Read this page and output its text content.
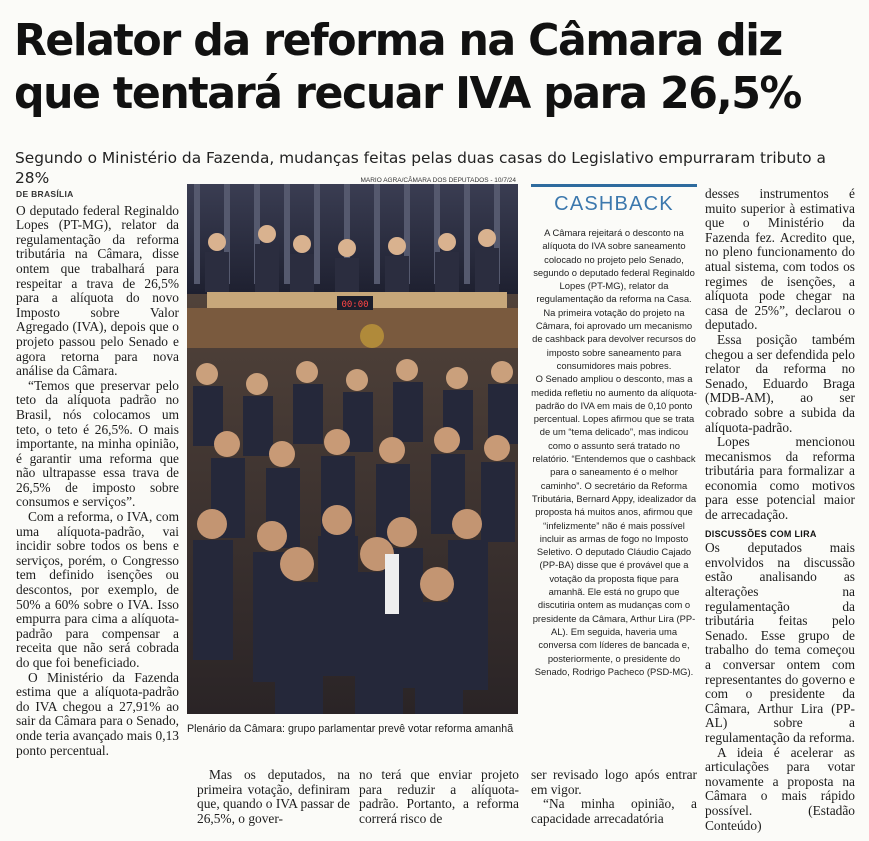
Relator da reforma na Câmara diz que tentará recuar IVA para 26,5%

Segundo o Ministério da Fazenda, mudanças feitas pelas duas casas do Legislativo empurraram tributo a 28%

DE BRASÍLIA

O deputado federal Reginaldo Lopes (PT-MG), relator da regulamentação da reforma tributária na Câmara, disse ontem que trabalhará para respeitar a trava de 26,5% para a alíquota do novo Imposto sobre Valor Agregado (IVA), depois que o projeto passou pelo Senado e agora retorna para nova análise da Câmara.

“Temos que preservar pelo teto da alíquota padrão no Brasil, nós colocamos um teto, o teto é 26,5%. O mais importante, na minha opinião, é garantir uma reforma que não ultrapasse essa trava de 26,5% de imposto sobre consumos e serviços”.

Com a reforma, o IVA, com uma alíquota-padrão, vai incidir sobre todos os bens e serviços, porém, o Congresso tem definido isenções ou descontos, por exemplo, de 50% a 60% sobre o IVA. Isso empurra para cima a alíquota-padrão para compensar a receita que não será cobrada do que foi beneficiado.

O Ministério da Fazenda estima que a alíquota-padrão do IVA chegou a 27,91% ao sair da Câmara para o Senado, onde teria avançado mais 0,13 ponto percentual.

MARIO AGRA/CÂMARA DOS DEPUTADOS - 10/7/24
00:00
Plenário da Câmara: grupo parlamentar prevê votar reforma amanhã

Mas os deputados, na primeira votação, definiram que, quando o IVA passar de 26,5%, o gover-

no terá que enviar projeto para reduzir a alíquota-padrão. Portanto, a reforma correrá risco de

CASHBACK

A Câmara rejeitará o desconto na alíquota do IVA sobre saneamento colocado no projeto pelo Senado, segundo o deputado federal Reginaldo Lopes (PT-MG), relator da regulamentação da reforma na Casa. Na primeira votação do projeto na Câmara, foi aprovado um mecanismo de cashback para devolver recursos do imposto sobre saneamento para consumidores mais pobres.

O Senado ampliou o desconto, mas a medida refletiu no aumento da alíquota-padrão do IVA em mais de 0,10 ponto percentual. Lopes afirmou que se trata de um “tema delicado”, mas indicou como o assunto será tratado no relatório. “Entendemos que o cashback para o saneamento é o melhor caminho”. O secretário da Reforma Tributária, Bernard Appy, idealizador da proposta há muitos anos, afirmou que “infelizmente” não é mais possível incluir as armas de fogo no Imposto Seletivo. O deputado Cláudio Cajado (PP-BA) disse que é provável que a votação da proposta fique para amanhã. Ele está no grupo que discutiria ontem as mudanças com o presidente da Câmara, Arthur Lira (PP-AL). Em seguida, haveria uma conversa com líderes de bancada e, posteriormente, o presidente do Senado, Rodrigo Pacheco (PSD-MG).

ser revisado logo após entrar em vigor.

“Na minha opinião, a capacidade arrecadatória

desses instrumentos é muito superior à estimativa que o Ministério da Fazenda fez. Acredito que, no pleno funcionamento do atual sistema, com todos os regimes de isenções, a alíquota pode chegar na casa de 25%”, declarou o deputado.

Essa posição também chegou a ser defendida pelo relator da reforma no Senado, Eduardo Braga (MDB-AM), ao ser cobrado sobre a subida da alíquota-padrão.

Lopes mencionou mecanismos da reforma tributária para formalizar a economia como motivos para esse potencial maior de arrecadação.

DISCUSSÕES COM LIRA

Os deputados mais envolvidos na discussão estão analisando as alterações na regulamentação da tributária feitas pelo Senado. Esse grupo de trabalho do tema começou a conversar ontem com representantes do governo e com o presidente da Câmara, Arthur Lira (PP-AL) sobre a regulamentação da reforma.

A ideia é acelerar as articulações para votar novamente a proposta na Câmara o mais rápido possível. (Estadão Conteúdo)
